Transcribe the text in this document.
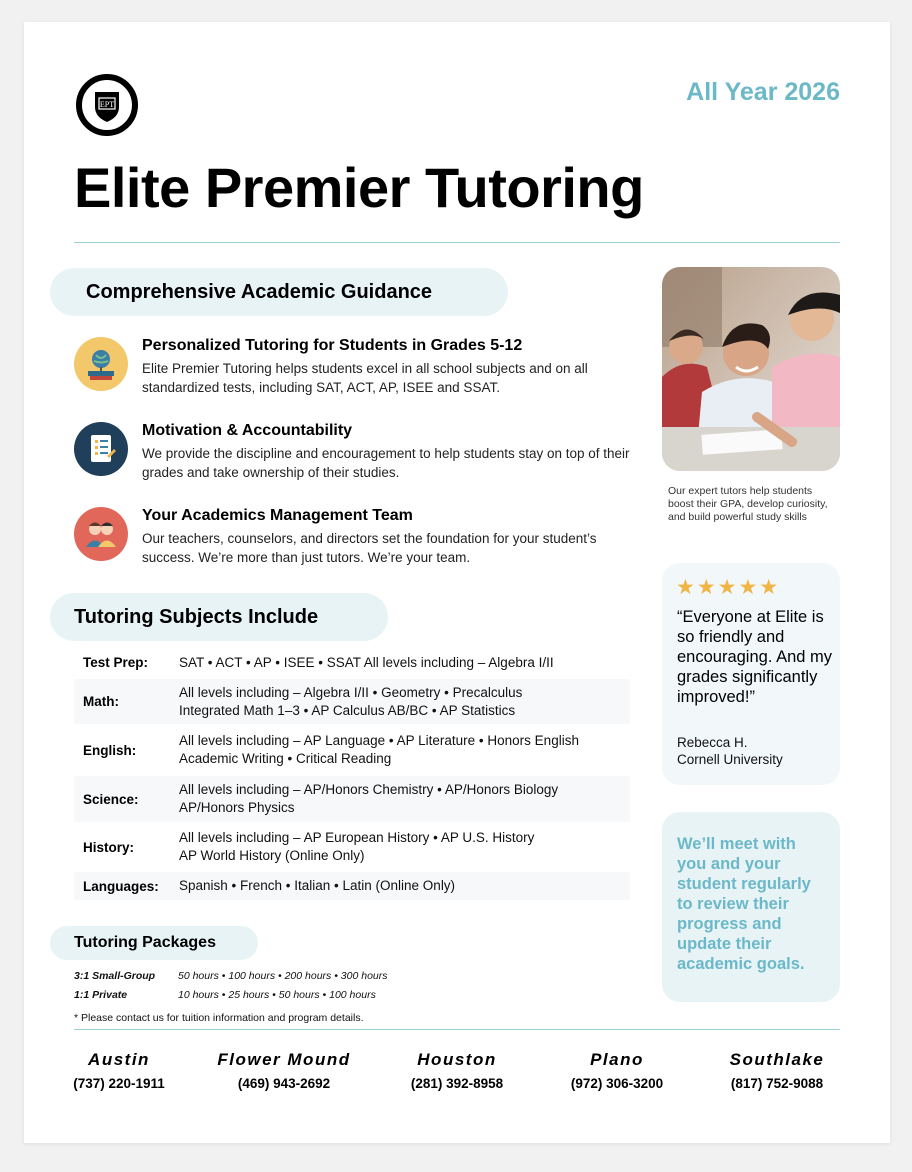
EPT	All Year 2026
Elite Premier Tutoring
Comprehensive Academic Guidance
Personalized Tutoring for Students in Grades 5-12
Elite Premier Tutoring helps students excel in all school subjects and on all standardized tests, including SAT, ACT, AP, ISEE and SSAT.
Motivation & Accountability
We provide the discipline and encouragement to help students stay on top of their grades and take ownership of their studies.
Your Academics Management Team
Our teachers, counselors, and directors set the foundation for your student’s success. We’re more than just tutors. We’re your team.
Tutoring Subjects Include
Test Prep:	SAT • ACT • AP • ISEE • SSAT All levels including – Algebra I/II

Math:	All levels including – Algebra I/II • Geometry • Precalculus
Integrated Math 1–3 • AP Calculus AB/BC • AP Statistics

English:	All levels including – AP Language • AP Literature • Honors English
Academic Writing • Critical Reading

Science:	All levels including – AP/Honors Chemistry • AP/Honors Biology
AP/Honors Physics

History:	All levels including – AP European History • AP U.S. History
AP World History (Online Only)

Languages:	Spanish • French • Italian • Latin (Online Only)
Tutoring Packages
3:1 Small-Group 50 hours • 100 hours • 200 hours • 300 hours
1:1 Private	10 hours • 25 hours • 50 hours • 100 hours
* Please contact us for tuition information and program details.
Austin
(737) 220-1911
Flower Mound
(469) 943-2692
Houston
(281) 392-8958
Plano
(972) 306-3200
Southlake
(817) 752-9088
Our expert tutors help students boost their GPA, develop curiosity, and build powerful study skills
★★★★★
“Everyone at Elite is so friendly and encouraging. And my grades significantly improved!”
Rebecca H.
Cornell University
We’ll meet with you and your student regularly to review their progress and update their academic goals.
